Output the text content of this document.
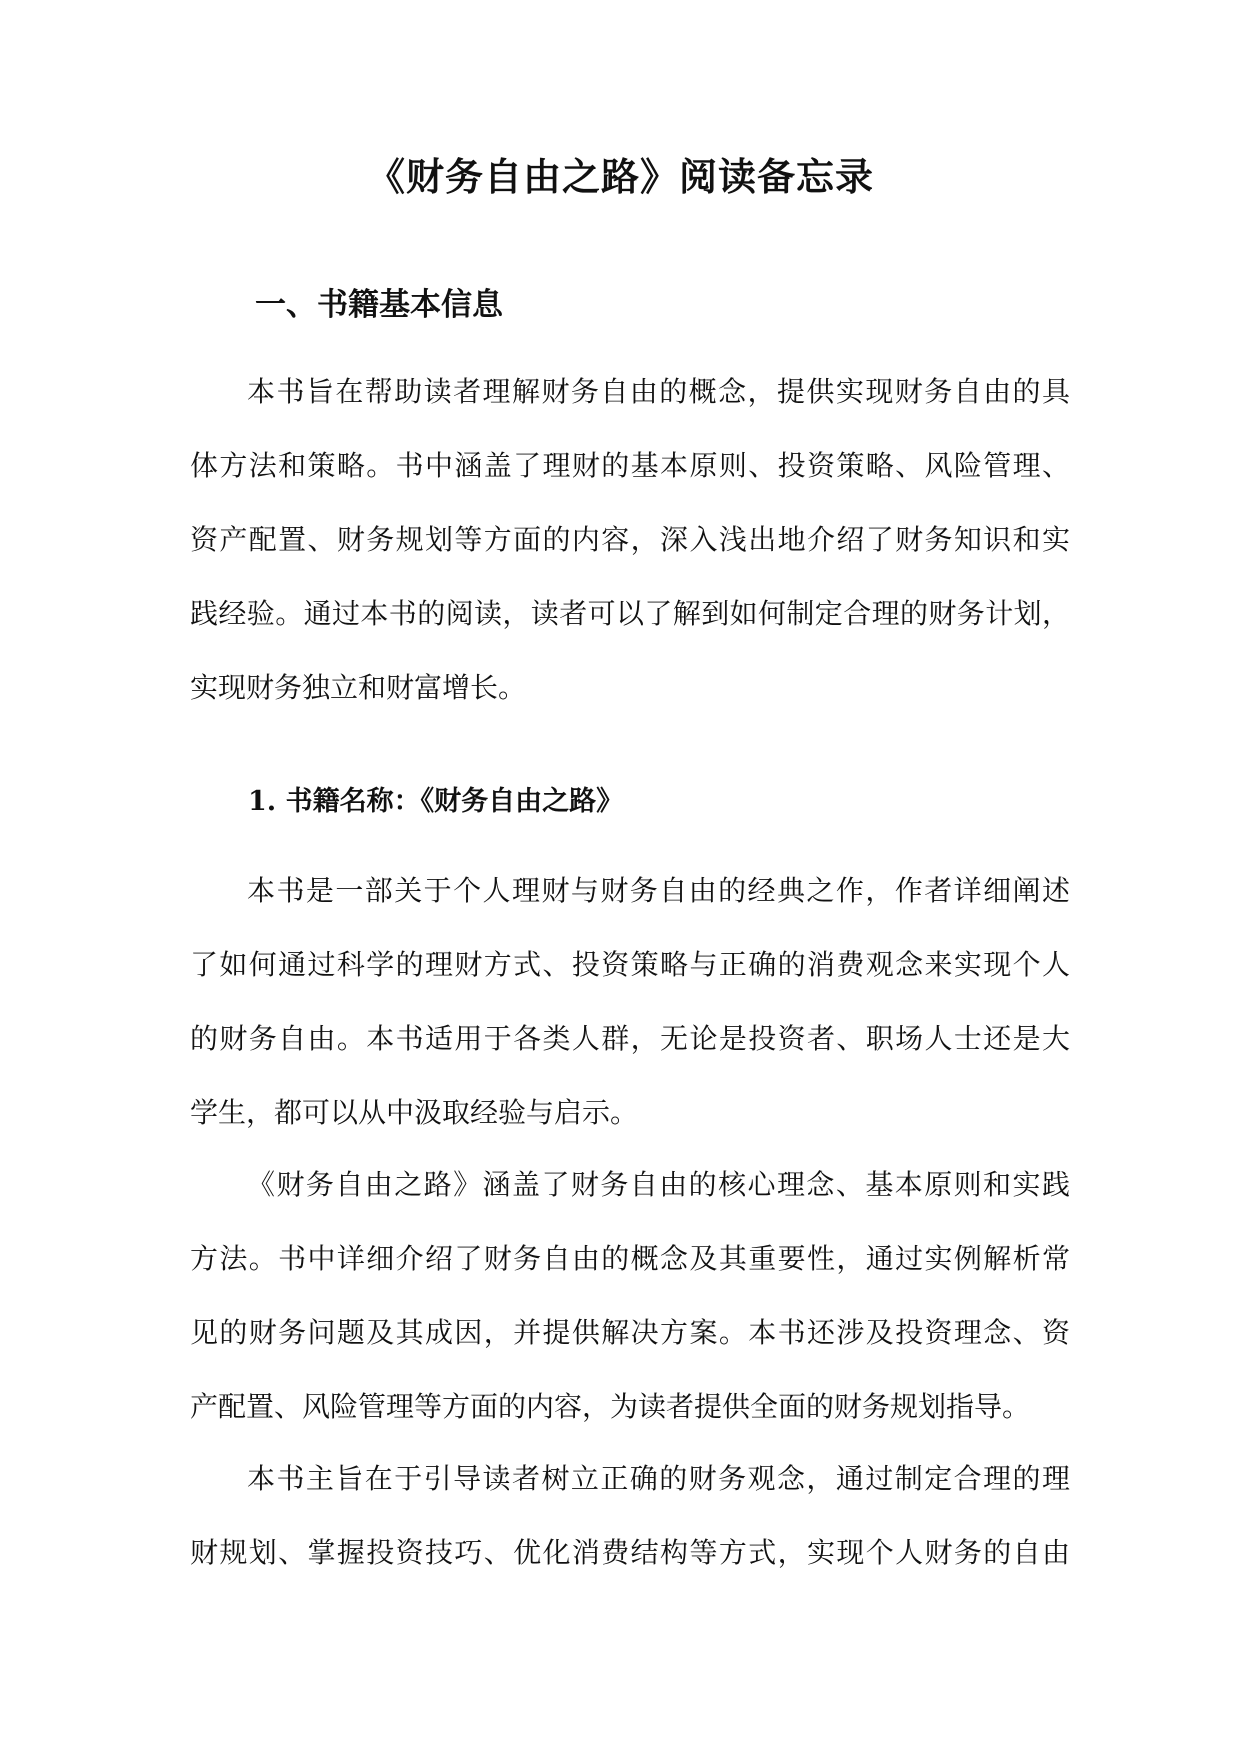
《财务自由之路》阅读备忘录
一、书籍基本信息
本书旨在帮助读者理解财务自由的概念，提供实现财务自由的具
体方法和策略。书中涵盖了理财的基本原则、投资策略、风险管理、
资产配置、财务规划等方面的内容，深入浅出地介绍了财务知识和实
践经验。通过本书的阅读，读者可以了解到如何制定合理的财务计划，
实现财务独立和财富增长。
1. 书籍名称：《财务自由之路》
本书是一部关于个人理财与财务自由的经典之作，作者详细阐述
了如何通过科学的理财方式、投资策略与正确的消费观念来实现个人
的财务自由。本书适用于各类人群，无论是投资者、职场人士还是大
学生，都可以从中汲取经验与启示。
《财务自由之路》涵盖了财务自由的核心理念、基本原则和实践
方法。书中详细介绍了财务自由的概念及其重要性，通过实例解析常
见的财务问题及其成因，并提供解决方案。本书还涉及投资理念、资
产配置、风险管理等方面的内容，为读者提供全面的财务规划指导。
本书主旨在于引导读者树立正确的财务观念，通过制定合理的理
财规划、掌握投资技巧、优化消费结构等方式，实现个人财务的自由
